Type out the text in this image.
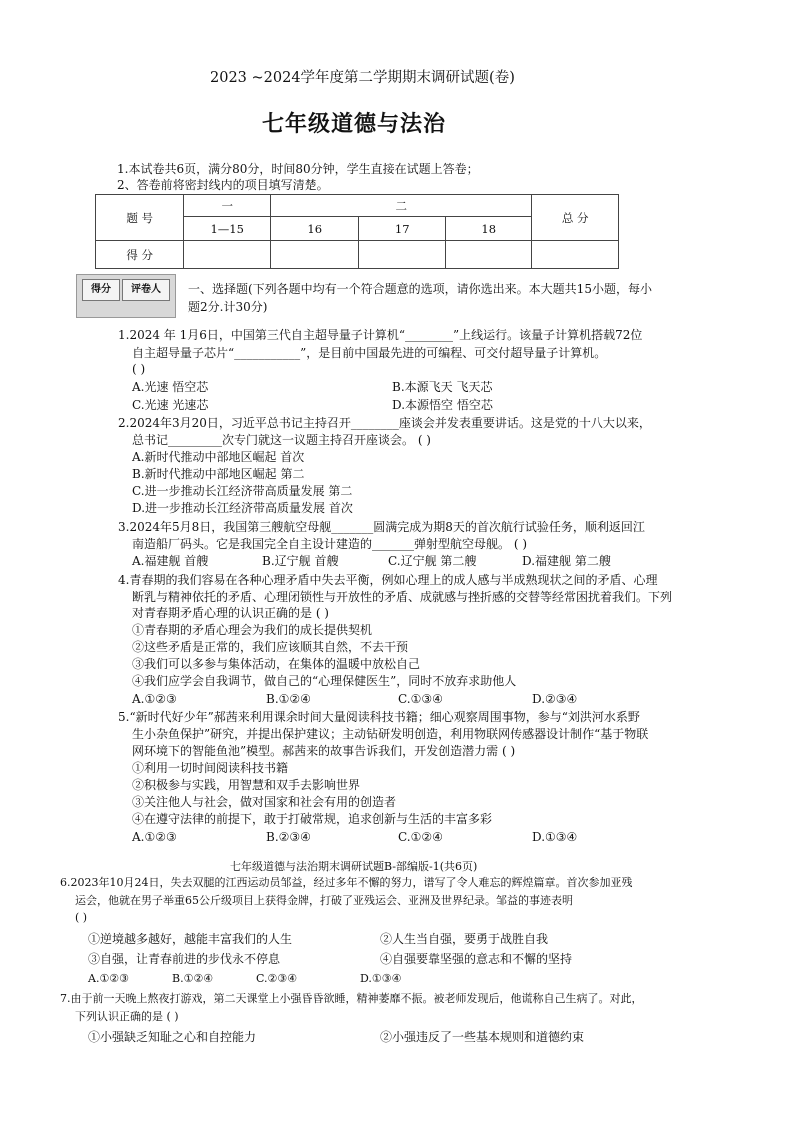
2023 ~2024学年度第二学期期末调研试题(卷)
七年级道德与法治
1.本试卷共6页，满分80分，时间80分钟，学生直接在试题上答卷；
2、答卷前将密封线内的项目填写清楚。
题 号	一	二			总 分
	1—15	16	17	18	
得 分					
得分	评卷人	一、选择题(下列各题中均有一个符合题意的选项，请你选出来。本大题共15小题，每小
题2分.计30分)
1.2024 年 1月6日，中国第三代自主超导量子计算机“________”上线运行。该量子计算机搭载72位
自主超导量子芯片“___________”，是目前中国最先进的可编程、可交付超导量子计算机。
( )
A.光速 悟空芯	B.本源飞天 飞天芯
C.光速 光速芯	D.本源悟空 悟空芯
2.2024年3月20日，习近平总书记主持召开________座谈会并发表重要讲话。这是党的十八大以来，
总书记_________次专门就这一议题主持召开座谈会。 ( )
A.新时代推动中部地区崛起 首次
B.新时代推动中部地区崛起 第二
C.进一步推动长江经济带高质量发展 第二
D.进一步推动长江经济带高质量发展 首次
3.2024年5月8日，我国第三艘航空母舰_______圆满完成为期8天的首次航行试验任务，顺利返回江
南造船厂码头。它是我国完全自主设计建造的_______弹射型航空母舰。 ( )
A.福建舰 首艘	B.辽宁舰 首艘	C.辽宁舰 第二艘	D.福建舰 第二艘
4.青春期的我们容易在各种心理矛盾中失去平衡，例如心理上的成人感与半成熟现状之间的矛盾、心理
断乳与精神依托的矛盾、心理闭锁性与开放性的矛盾、成就感与挫折感的交替等经常困扰着我们。下列
对青春期矛盾心理的认识正确的是 ( )
①青春期的矛盾心理会为我们的成长提供契机
②这些矛盾是正常的，我们应该顺其自然，不去干预
③我们可以多参与集体活动，在集体的温暖中放松自己
④我们应学会自我调节，做自己的“心理保健医生”，同时不放弃求助他人
A.①②③	B.①②④	C.①③④	D.②③④
5.“新时代好少年”郝茜来利用课余时间大量阅读科技书籍；细心观察周围事物，参与“刘洪河水系野
生小杂鱼保护”研究，并提出保护建议；主动钻研发明创造，利用物联网传感器设计制作“基于物联
网环境下的智能鱼池”模型。郝茜来的故事告诉我们，开发创造潜力需 ( )
①利用一切时间阅读科技书籍
②积极参与实践，用智慧和双手去影响世界
③关注他人与社会，做对国家和社会有用的创造者
④在遵守法律的前提下，敢于打破常规，追求创新与生活的丰富多彩
A.①②③	B.②③④	C.①②④	D.①③④
七年级道德与法治期末调研试题B-部编版-1(共6页)
6.2023年10月24日，失去双腿的江西运动员邹益，经过多年不懈的努力，谱写了令人难忘的辉煌篇章。首次参加亚残
运会，他就在男子举重65公斤级项目上获得金牌，打破了亚残运会、亚洲及世界纪录。邹益的事迹表明
( )
①逆境越多越好，越能丰富我们的人生	②人生当自强，要勇于战胜自我
③自强，让青春前进的步伐永不停息	④自强要靠坚强的意志和不懈的坚持
A.①②③	B.①②④	C.②③④	D.①③④
7.由于前一天晚上熬夜打游戏，第二天课堂上小强昏昏欲睡，精神萎靡不振。被老师发现后，他谎称自己生病了。对此，
下列认识正确的是 ( )
①小强缺乏知耻之心和自控能力	②小强违反了一些基本规则和道德约束
